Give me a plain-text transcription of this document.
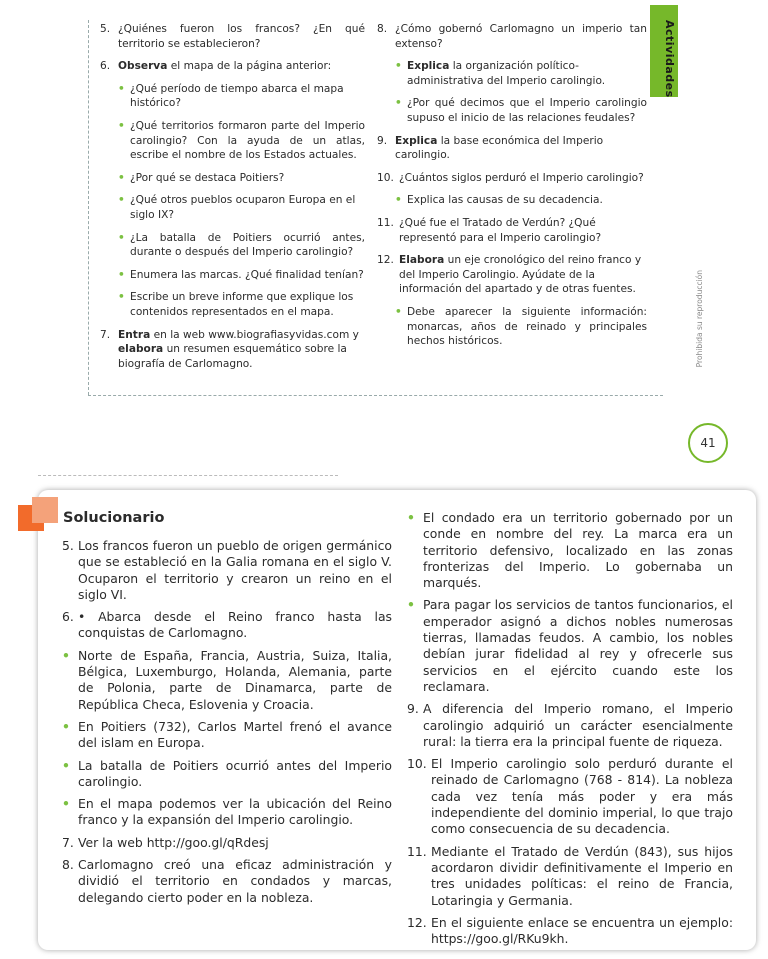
5. ¿Quiénes fueron los francos? ¿En qué territorio se establecieron?
6. Observa el mapa de la página anterior:
• ¿Qué período de tiempo abarca el mapa histórico?
• ¿Qué territorios formaron parte del Imperio carolingio? Con la ayuda de un atlas, escribe el nombre de los Estados actuales.
• ¿Por qué se destaca Poitiers?
• ¿Qué otros pueblos ocuparon Europa en el siglo IX?
• ¿La batalla de Poitiers ocurrió antes, durante o después del Imperio carolingio?
• Enumera las marcas. ¿Qué finalidad tenían?
• Escribe un breve informe que explique los contenidos representados en el mapa.
7. Entra en la web www.biografiasyvidas.com y elabora un resumen esquemático sobre la biografía de Carlomagno.
8. ¿Cómo gobernó Carlomagno un imperio tan extenso?
• Explica la organización político-administrativa del Imperio carolingio.
• ¿Por qué decimos que el Imperio carolingio supuso el inicio de las relaciones feudales?
9. Explica la base económica del Imperio carolingio.
10. ¿Cuántos siglos perduró el Imperio carolingio?
• Explica las causas de su decadencia.
11. ¿Qué fue el Tratado de Verdún? ¿Qué representó para el Imperio carolingio?
12. Elabora un eje cronológico del reino franco y del Imperio Carolingio. Ayúdate de la información del apartado y de otras fuentes.
• Debe aparecer la siguiente información: monarcas, años de reinado y principales hechos históricos.
Actividades
Prohibida su reproducción
41
Solucionario
5. Los francos fueron un pueblo de origen germánico que se estableció en la Galia romana en el siglo V. Ocuparon el territorio y crearon un reino en el siglo VI.
6. • Abarca desde el Reino franco hasta las conquistas de Carlomagno.
• Norte de España, Francia, Austria, Suiza, Italia, Bélgica, Luxemburgo, Holanda, Alemania, parte de Polonia, parte de Dinamarca, parte de República Checa, Eslovenia y Croacia.
• En Poitiers (732), Carlos Martel frenó el avance del islam en Europa.
• La batalla de Poitiers ocurrió antes del Imperio carolingio.
• En el mapa podemos ver la ubicación del Reino franco y la expansión del Imperio carolingio.
7. Ver la web http://goo.gl/qRdesj
8. Carlomagno creó una eficaz administración y dividió el territorio en condados y marcas, delegando cierto poder en la nobleza.
• El condado era un territorio gobernado por un conde en nombre del rey. La marca era un territorio defensivo, localizado en las zonas fronterizas del Imperio. Lo gobernaba un marqués.
• Para pagar los servicios de tantos funcionarios, el emperador asignó a dichos nobles numerosas tierras, llamadas feudos. A cambio, los nobles debían jurar fidelidad al rey y ofrecerle sus servicios en el ejército cuando este los reclamara.
9. A diferencia del Imperio romano, el Imperio carolingio adquirió un carácter esencialmente rural: la tierra era la principal fuente de riqueza.
10. El Imperio carolingio solo perduró durante el reinado de Carlomagno (768 - 814). La nobleza cada vez tenía más poder y era más independiente del dominio imperial, lo que trajo como consecuencia de su decadencia.
11. Mediante el Tratado de Verdún (843), sus hijos acordaron dividir definitivamente el Imperio en tres unidades políticas: el reino de Francia, Lotaringia y Germania.
12. En el siguiente enlace se encuentra un ejemplo: https://goo.gl/RKu9kh.
